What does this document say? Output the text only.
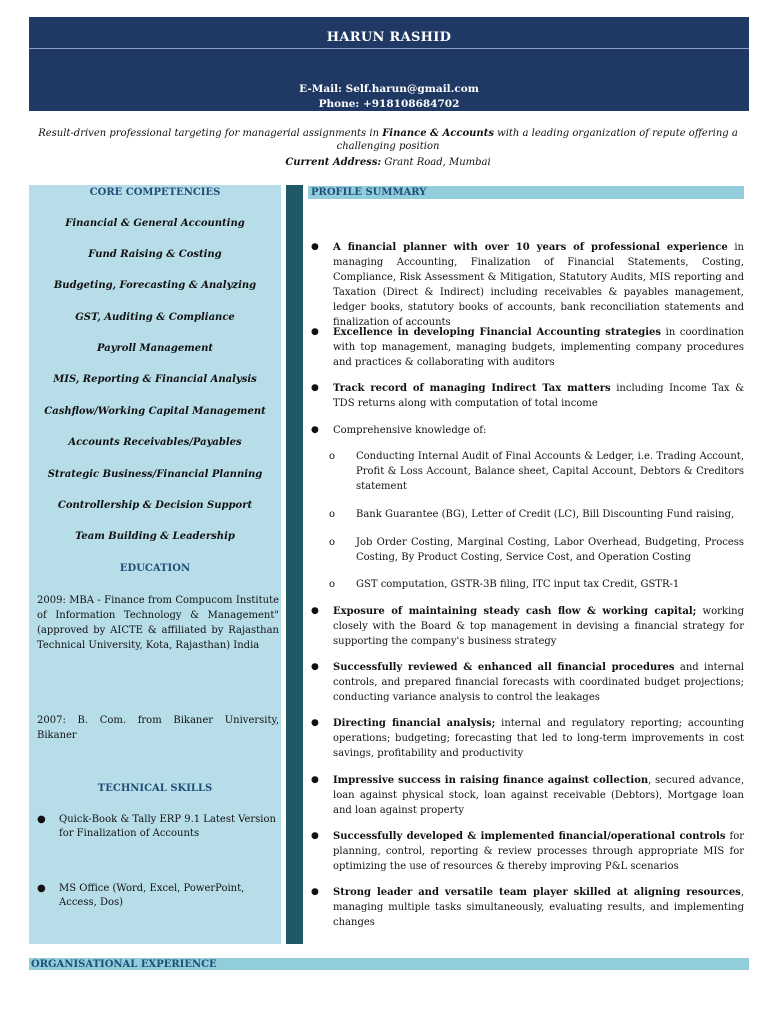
HARUN RASHID
E-Mail: Self.harun@gmail.com
Phone: +918108684702
Result-driven professional targeting for managerial assignments in Finance & Accounts with a leading organization of repute offering a challenging position
Current Address: Grant Road, Mumbai
CORE COMPETENCIES
Financial & General Accounting
Fund Raising & Costing
Budgeting, Forecasting & Analyzing
GST, Auditing & Compliance
Payroll Management
MIS, Reporting & Financial Analysis
Cashflow/Working Capital Management
Accounts Receivables/Payables
Strategic Business/Financial Planning
Controllership & Decision Support
Team Building & Leadership
EDUCATION
2009: MBA - Finance from Compucom Institute of Information Technology & Management" (approved by AICTE & affiliated by Rajasthan Technical University, Kota, Rajasthan) India
2007: B. Com. from Bikaner University, Bikaner
TECHNICAL SKILLS
● Quick-Book & Tally ERP 9.1 Latest Version for Finalization of Accounts
● MS Office (Word, Excel, PowerPoint, Access, Dos)
PROFILE SUMMARY
● A financial planner with over 10 years of professional experience in managing Accounting, Finalization of Financial Statements, Costing, Compliance, Risk Assessment & Mitigation, Statutory Audits, MIS reporting and Taxation (Direct & Indirect) including receivables & payables management, ledger books, statutory books of accounts, bank reconciliation statements and finalization of accounts
● Excellence in developing Financial Accounting strategies in coordination with top management, managing budgets, implementing company procedures and practices & collaborating with auditors
● Track record of managing Indirect Tax matters including Income Tax & TDS returns along with computation of total income
● Comprehensive knowledge of:
o Conducting Internal Audit of Final Accounts & Ledger, i.e. Trading Account, Profit & Loss Account, Balance sheet, Capital Account, Debtors & Creditors statement
o Bank Guarantee (BG), Letter of Credit (LC), Bill Discounting Fund raising,
o Job Order Costing, Marginal Costing, Labor Overhead, Budgeting, Process Costing, By Product Costing, Service Cost, and Operation Costing
o GST computation, GSTR-3B filing, ITC input tax Credit, GSTR-1
● Exposure of maintaining steady cash flow & working capital; working closely with the Board & top management in devising a financial strategy for supporting the company's business strategy
● Successfully reviewed & enhanced all financial procedures and internal controls, and prepared financial forecasts with coordinated budget projections; conducting variance analysis to control the leakages
● Directing financial analysis; internal and regulatory reporting; accounting operations; budgeting; forecasting that led to long-term improvements in cost savings, profitability and productivity
● Impressive success in raising finance against collection, secured advance, loan against physical stock, loan against receivable (Debtors), Mortgage loan and loan against property
● Successfully developed & implemented financial/operational controls for planning, control, reporting & review processes through appropriate MIS for optimizing the use of resources & thereby improving P&L scenarios
● Strong leader and versatile team player skilled at aligning resources, managing multiple tasks simultaneously, evaluating results, and implementing changes
ORGANISATIONAL EXPERIENCE
